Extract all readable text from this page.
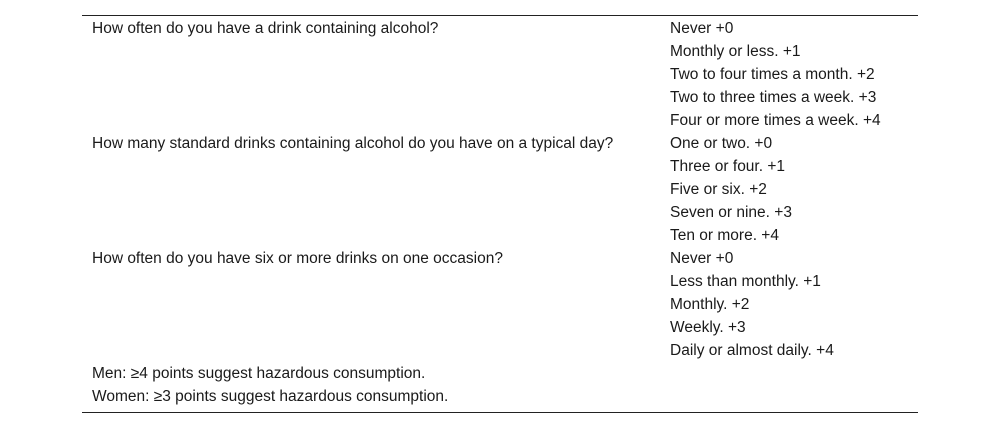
How often do you have a drink containing alcohol?	Never +0
	Monthly or less. +1
	Two to four times a month. +2
	Two to three times a week. +3
	Four or more times a week. +4
How many standard drinks containing alcohol do you have on a typical day?	One or two. +0
	Three or four. +1
	Five or six. +2
	Seven or nine. +3
	Ten or more. +4
How often do you have six or more drinks on one occasion?	Never +0
	Less than monthly. +1
	Monthly. +2
	Weekly. +3
	Daily or almost daily. +4
Men: ≥4 points suggest hazardous consumption.	
Women: ≥3 points suggest hazardous consumption.	
